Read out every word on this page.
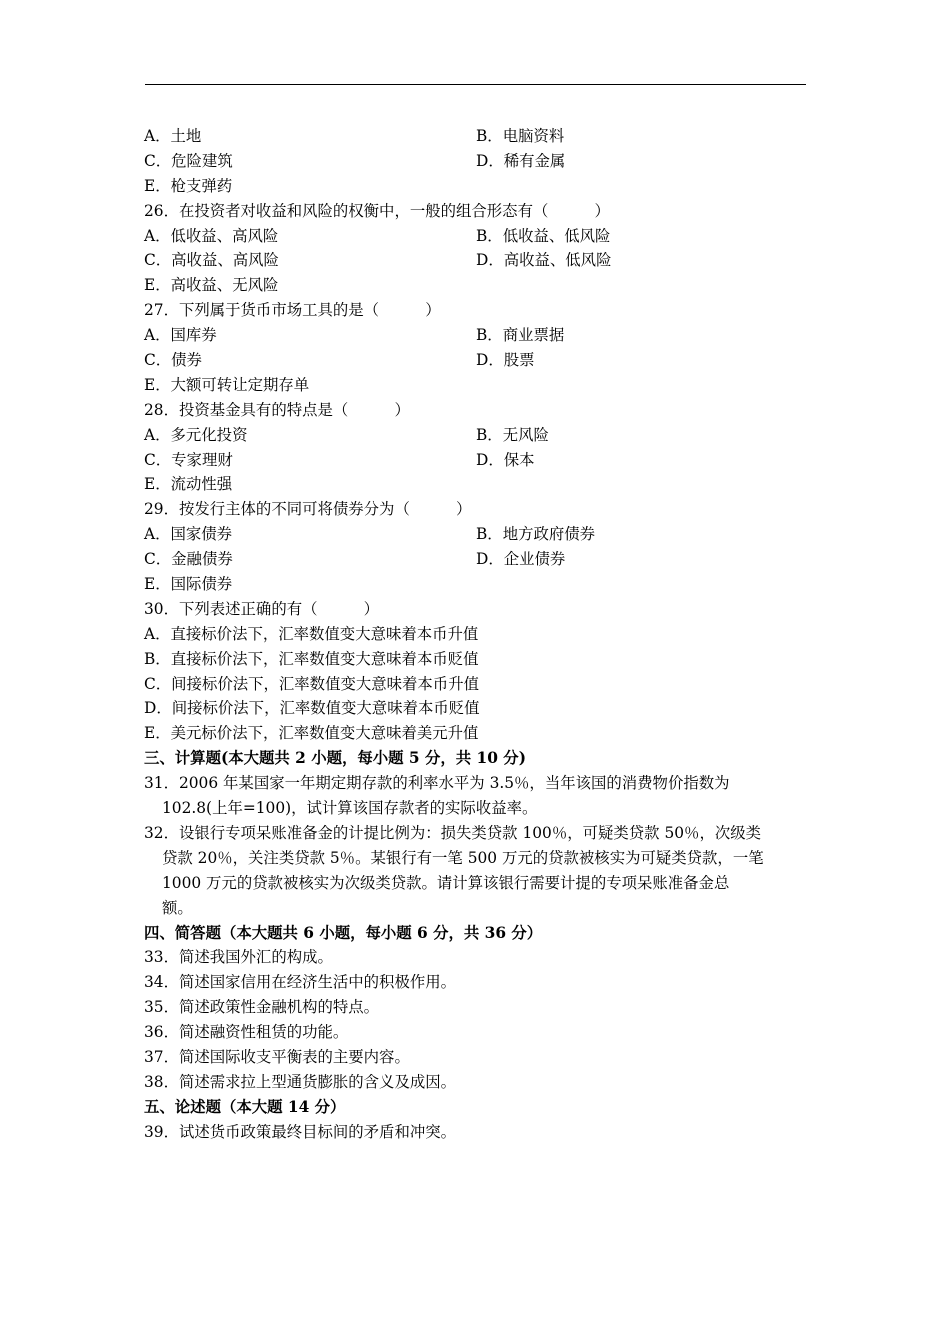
A．土地	B．电脑资料
C．危险建筑	D．稀有金属
E．枪支弹药
26．在投资者对收益和风险的权衡中，一般的组合形态有（　　　）
A．低收益、高风险	B．低收益、低风险
C．高收益、高风险	D．高收益、低风险
E．高收益、无风险
27．下列属于货币市场工具的是（　　　）
A．国库券	B．商业票据
C．债券	D．股票
E．大额可转让定期存单
28．投资基金具有的特点是（　　　）
A．多元化投资	B．无风险
C．专家理财	D．保本
E．流动性强
29．按发行主体的不同可将债券分为（　　　）
A．国家债券	B．地方政府债券
C．金融债券	D．企业债券
E．国际债券
30．下列表述正确的有（　　　）
A．直接标价法下，汇率数值变大意味着本币升值
B．直接标价法下，汇率数值变大意味着本币贬值
C．间接标价法下，汇率数值变大意味着本币升值
D．间接标价法下，汇率数值变大意味着本币贬值
E．美元标价法下，汇率数值变大意味着美元升值
三、计算题(本大题共 2 小题，每小题 5 分，共 10 分)
31．2006 年某国家一年期定期存款的利率水平为 3.5％，当年该国的消费物价指数为
102.8(上年=100)，试计算该国存款者的实际收益率。
32．设银行专项呆账准备金的计提比例为：损失类贷款 100％，可疑类贷款 50％，次级类
贷款 20％，关注类贷款 5％。某银行有一笔 500 万元的贷款被核实为可疑类贷款，一笔
1000 万元的贷款被核实为次级类贷款。请计算该银行需要计提的专项呆账准备金总
额。
四、简答题（本大题共 6 小题，每小题 6 分，共 36 分）
33．简述我国外汇的构成。
34．简述国家信用在经济生活中的积极作用。
35．简述政策性金融机构的特点。
36．简述融资性租赁的功能。
37．简述国际收支平衡表的主要内容。
38．简述需求拉上型通货膨胀的含义及成因。
五、论述题（本大题 14 分）
39．试述货币政策最终目标间的矛盾和冲突。
